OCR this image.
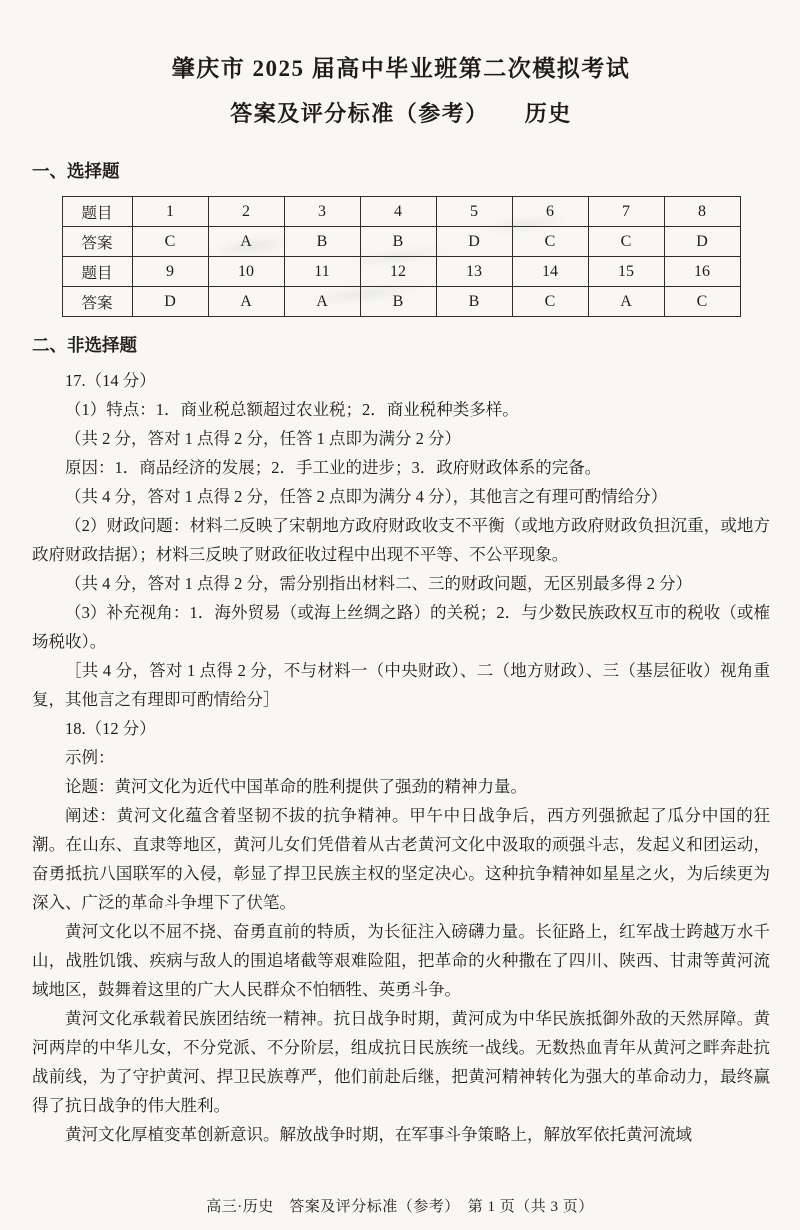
肇庆市 2025 届高中毕业班第二次模拟考试
答案及评分标准（参考）　　历史
一、选择题
题目	1	2	3	4	5	6	7	8
答案	C	A	B	B	D	C	C	D
题目	9	10	11	12	13	14	15	16
答案	D	A	A	B	B	C	A	C
二、非选择题

17.（14 分）

（1）特点：1．商业税总额超过农业税；2．商业税种类多样。

（共 2 分，答对 1 点得 2 分，任答 1 点即为满分 2 分）

原因：1．商品经济的发展；2．手工业的进步；3．政府财政体系的完备。

（共 4 分，答对 1 点得 2 分，任答 2 点即为满分 4 分），其他言之有理可酌情给分）

（2）财政问题：材料二反映了宋朝地方政府财政收支不平衡（或地方政府财政负担沉重，或地方政府财政拮据）；材料三反映了财政征收过程中出现不平等、不公平现象。

（共 4 分，答对 1 点得 2 分，需分别指出材料二、三的财政问题，无区别最多得 2 分）

（3）补充视角：1．海外贸易（或海上丝绸之路）的关税；2．与少数民族政权互市的税收（或榷场税收）。

［共 4 分，答对 1 点得 2 分，不与材料一（中央财政）、二（地方财政）、三（基层征收）视角重复，其他言之有理即可酌情给分］

18.（12 分）

示例：

论题：黄河文化为近代中国革命的胜利提供了强劲的精神力量。

阐述：黄河文化蕴含着坚韧不拔的抗争精神。甲午中日战争后，西方列强掀起了瓜分中国的狂潮。在山东、直隶等地区，黄河儿女们凭借着从古老黄河文化中汲取的顽强斗志，发起义和团运动，奋勇抵抗八国联军的入侵，彰显了捍卫民族主权的坚定决心。这种抗争精神如星星之火，为后续更为深入、广泛的革命斗争埋下了伏笔。

黄河文化以不屈不挠、奋勇直前的特质，为长征注入磅礴力量。长征路上，红军战士跨越万水千山，战胜饥饿、疾病与敌人的围追堵截等艰难险阻，把革命的火种撒在了四川、陕西、甘肃等黄河流域地区，鼓舞着这里的广大人民群众不怕牺牲、英勇斗争。

黄河文化承载着民族团结统一精神。抗日战争时期，黄河成为中华民族抵御外敌的天然屏障。黄河两岸的中华儿女，不分党派、不分阶层，组成抗日民族统一战线。无数热血青年从黄河之畔奔赴抗战前线，为了守护黄河、捍卫民族尊严，他们前赴后继，把黄河精神转化为强大的革命动力，最终赢得了抗日战争的伟大胜利。

黄河文化厚植变革创新意识。解放战争时期，在军事斗争策略上，解放军依托黄河流域

高三·历史　答案及评分标准（参考）　第 1 页（共 3 页）
